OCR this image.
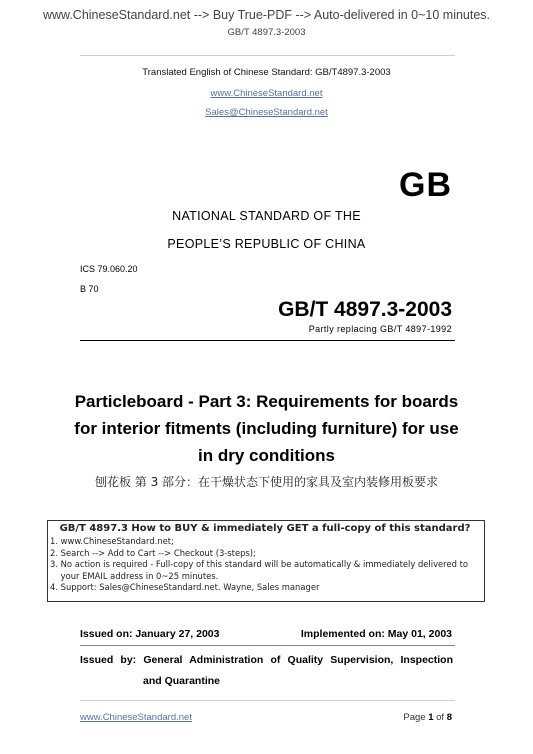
www.ChineseStandard.net --> Buy True-PDF --> Auto-delivered in 0~10 minutes.
GB/T 4897.3-2003
Translated English of Chinese Standard: GB/T4897.3-2003
www.ChineseStandard.net
Sales@ChineseStandard.net
GB
NATIONAL STANDARD OF THE
PEOPLE’S REPUBLIC OF CHINA
ICS 79.060.20
B 70
GB/T 4897.3-2003
Partly replacing GB/T 4897-1992
Particleboard - Part 3: Requirements for boards
for interior fitments (including furniture) for use
in dry conditions
刨花板 第 3 部分：在干燥状态下使用的家具及室内装修用板要求
GB/T 4897.3 How to BUY & immediately GET a full-copy of this standard?
1. www.ChineseStandard.net;
2. Search --> Add to Cart --> Checkout (3-steps);
3. No action is required - Full-copy of this standard will be automatically & immediately delivered to
your EMAIL address in 0~25 minutes.
4. Support: Sales@ChineseStandard.net. Wayne, Sales manager
Issued on: January 27, 2003	Implemented on: May 01, 2003
Issued by: General Administration of Quality Supervision, Inspection
and Quarantine
www.ChineseStandard.net	Page 1 of 8
